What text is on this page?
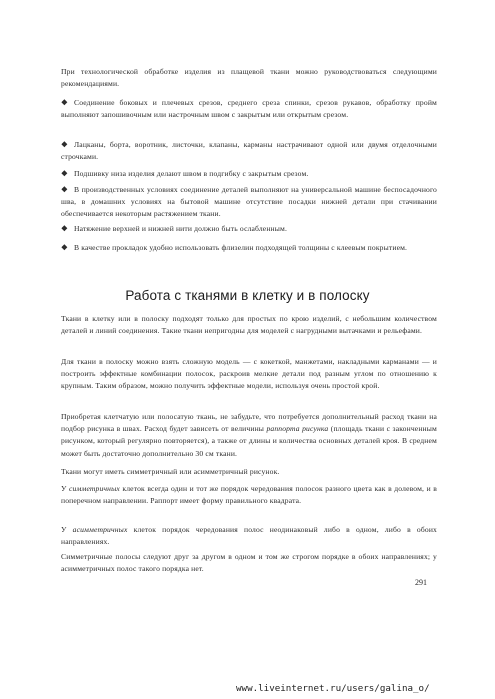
При технологической обработке изделия из плащевой ткани можно руководствоваться следующими рекомендациями.

❖ Соединение боковых и плечевых срезов, среднего среза спинки, срезов рукавов, обработку пройм выполняют запошивочным или настрочным швом с закрытым или открытым срезом.

❖ Лацканы, борта, воротник, листочки, клапаны, карманы настрачивают одной или двумя отделочными строчками.

❖ Подшивку низа изделия делают швом в подгибку с закрытым срезом.

❖ В производственных условиях соединение деталей выполняют на универсальной машине беспосадочного шва, в домашних условиях на бытовой машине отсутствие посадки нижней детали при стачивании обеспечивается некоторым растяжением ткани.

❖ Натяжение верхней и нижней нити должно быть ослабленным.

❖ В качестве прокладок удобно использовать флизелин подходящей толщины с клеевым покрытием.

Работа с тканями в клетку и в полоску

Ткани в клетку или в полоску подходят только для простых по крою изделий, с небольшим количеством деталей и линий соединения. Такие ткани непригодны для моделей с нагрудными вытачками и рельефами.

Для ткани в полоску можно взять сложную модель — с кокеткой, манжетами, накладными карманами — и построить эффектные комбинации полосок, раскроив мелкие детали под разным углом по отношению к крупным. Таким образом, можно получить эффектные модели, используя очень простой крой.

Приобретая клетчатую или полосатую ткань, не забудьте, что потребуется дополнительный расход ткани на подбор рисунка в швах. Расход будет зависеть от величины раппорта рисунка (площадь ткани с законченным рисунком, который регулярно повторяется), а также от длины и количества основных деталей кроя. В среднем может быть достаточно дополнительно 30 см ткани.

Ткани могут иметь симметричный или асимметричный рисунок.

У симметричных клеток всегда один и тот же порядок чередования полосок разного цвета как в долевом, и в поперечном направлении. Раппорт имеет форму правильного квадрата.

У асимметричных клеток порядок чередования полос неодинаковый либо в одном, либо в обоих направлениях.

Симметричные полосы следуют друг за другом в одном и том же строгом порядке в обоих направлениях; у асимметричных полос такого порядка нет.

291
www.liveinternet.ru/users/galina_o/
